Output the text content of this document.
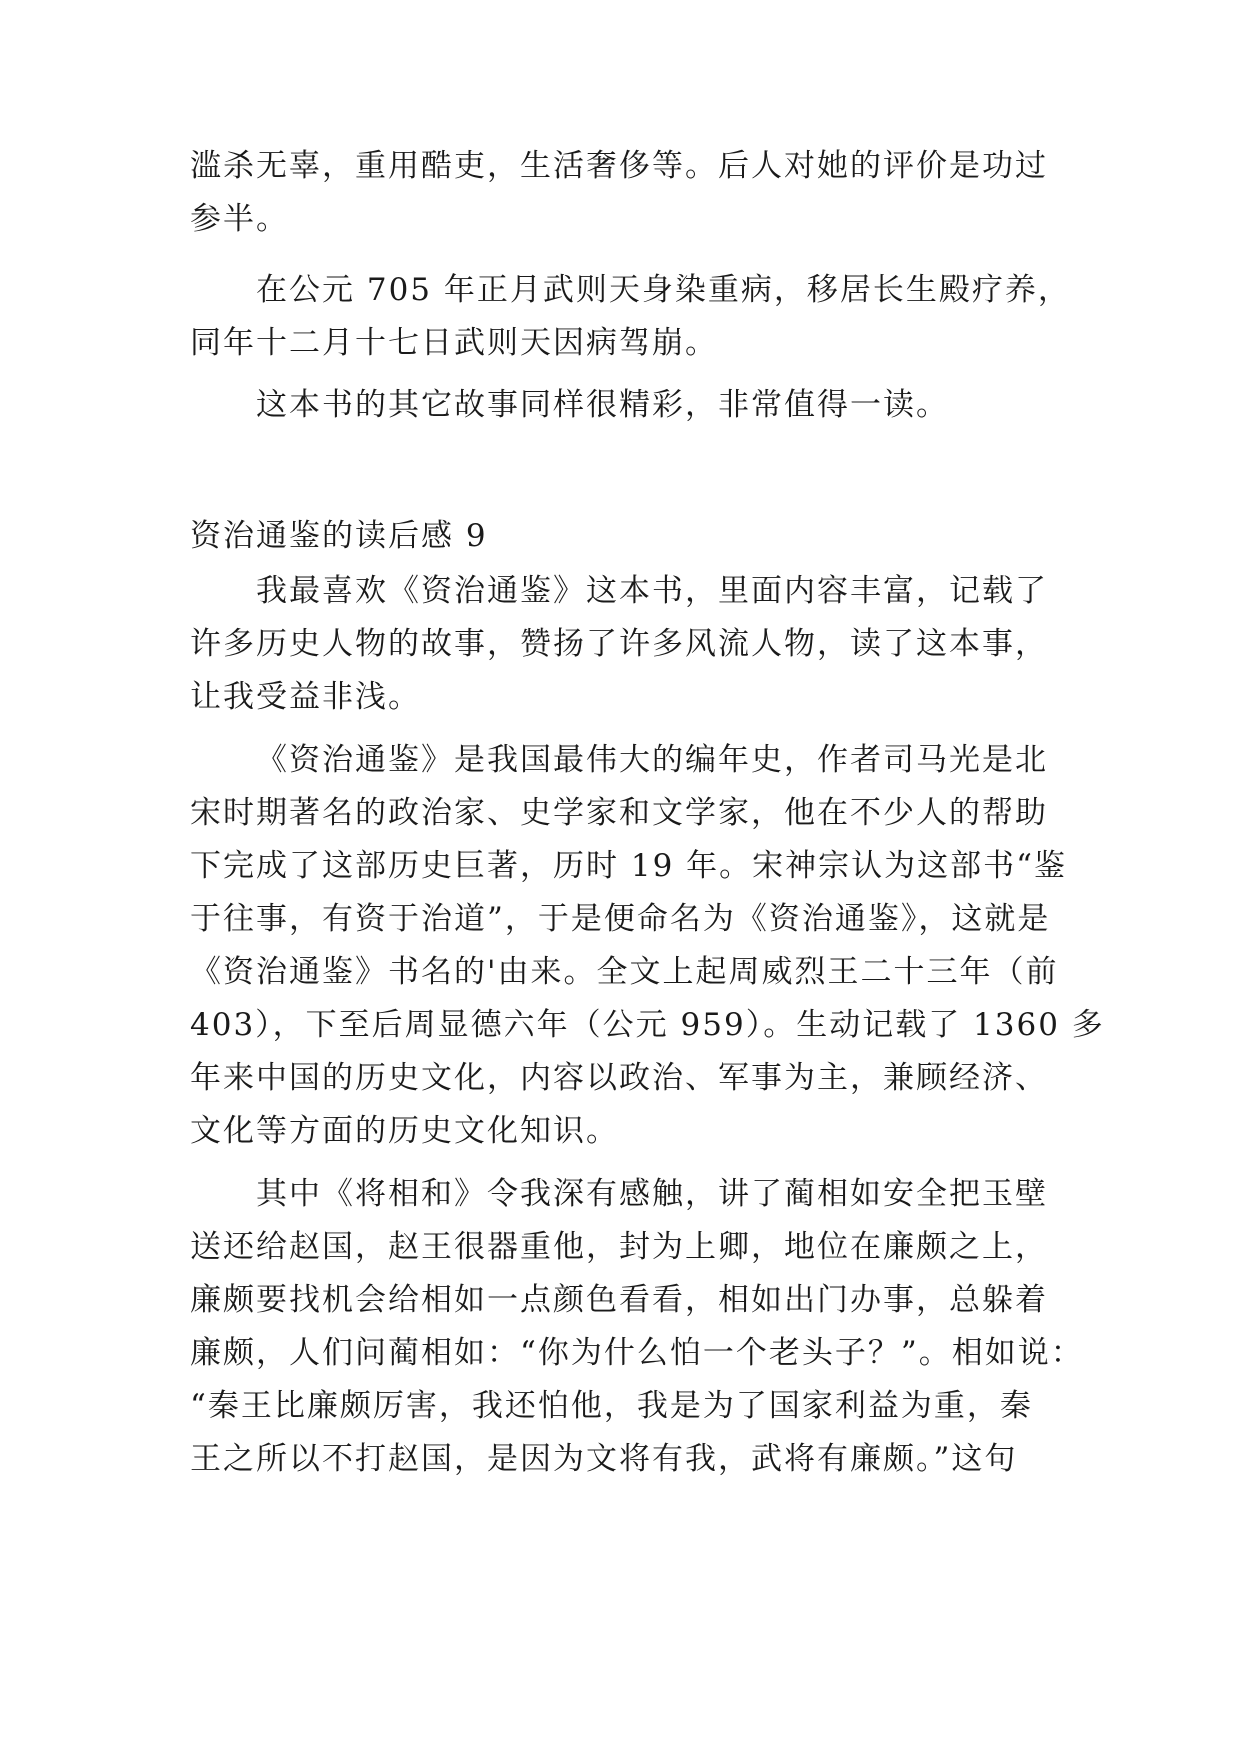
滥杀无辜，重用酷吏，生活奢侈等。后人对她的评价是功过
参半。
在公元 705 年正月武则天身染重病，移居长生殿疗养，
同年十二月十七日武则天因病驾崩。
这本书的其它故事同样很精彩，非常值得一读。
资治通鉴的读后感 9
我最喜欢《资治通鉴》这本书，里面内容丰富，记载了
许多历史人物的故事，赞扬了许多风流人物，读了这本事，
让我受益非浅。
《资治通鉴》是我国最伟大的编年史，作者司马光是北
宋时期著名的政治家、史学家和文学家，他在不少人的帮助
下完成了这部历史巨著，历时 19 年。宋神宗认为这部书“鉴
于往事，有资于治道”，于是便命名为《资治通鉴》，这就是
《资治通鉴》书名的'由来。全文上起周威烈王二十三年（前
403），下至后周显德六年（公元 959）。生动记载了 1360 多
年来中国的历史文化，内容以政治、军事为主，兼顾经济、
文化等方面的历史文化知识。
其中《将相和》令我深有感触，讲了蔺相如安全把玉壁
送还给赵国，赵王很器重他，封为上卿，地位在廉颇之上，
廉颇要找机会给相如一点颜色看看，相如出门办事，总躲着
廉颇，人们问蔺相如：“你为什么怕一个老头子？”。相如说：
“秦王比廉颇厉害，我还怕他，我是为了国家利益为重，秦
王之所以不打赵国，是因为文将有我，武将有廉颇。”这句
